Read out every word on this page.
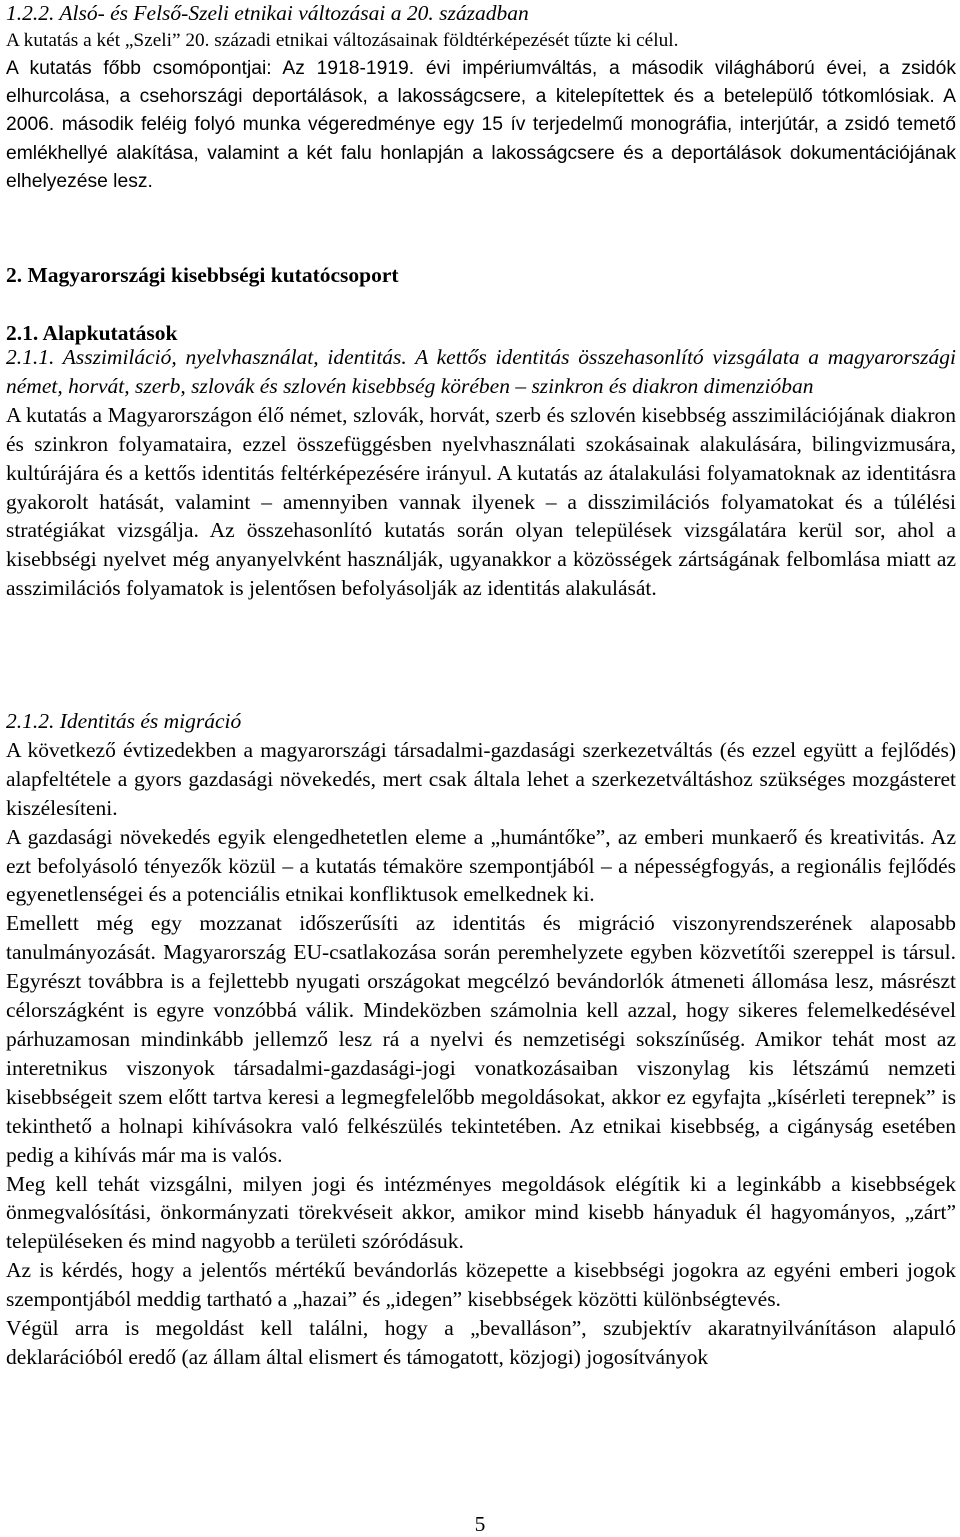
1.2.2. Alsó- és Felső-Szeli etnikai változásai a 20. században

A kutatás a két „Szeli” 20. századi etnikai változásainak földtérképezését tűzte ki célul.

A kutatás főbb csomópontjai: Az 1918-1919. évi impériumváltás, a második világháború évei, a zsidók elhurcolása, a csehországi deportálások, a lakosságcsere, a kitelepítettek és a betelepülő tótkomlósiak. A 2006. második feléig folyó munka végeredménye egy 15 ív terjedelmű monográfia, interjútár, a zsidó temető emlékhellyé alakítása, valamint a két falu honlapján a lakosságcsere és a deportálások dokumentációjának elhelyezése lesz.

2. Magyarországi kisebbségi kutatócsoport

2.1. Alapkutatások

2.1.1. Asszimiláció, nyelvhasználat, identitás. A kettős identitás összehasonlító vizsgálata a magyarországi német, horvát, szerb, szlovák és szlovén kisebbség körében – szinkron és diakron dimenzióban

A kutatás a Magyarországon élő német, szlovák, horvát, szerb és szlovén kisebbség asszimilációjának diakron és szinkron folyamataira, ezzel összefüggésben nyelvhasználati szokásainak alakulására, bilingvizmusára, kultúrájára és a kettős identitás feltérképezésére irányul. A kutatás az átalakulási folyamatoknak az identitásra gyakorolt hatását, valamint – amennyiben vannak ilyenek – a disszimilációs folyamatokat és a túlélési stratégiákat vizsgálja. Az összehasonlító kutatás során olyan települések vizsgálatára kerül sor, ahol a kisebbségi nyelvet még anyanyelvként használják, ugyanakkor a közösségek zártságának felbomlása miatt az asszimilációs folyamatok is jelentősen befolyásolják az identitás alakulását.

2.1.2. Identitás és migráció

A következő évtizedekben a magyarországi társadalmi-gazdasági szerkezetváltás (és ezzel együtt a fejlődés) alapfeltétele a gyors gazdasági növekedés, mert csak általa lehet a szerkezetváltáshoz szükséges mozgásteret kiszélesíteni.

A gazdasági növekedés egyik elengedhetetlen eleme a „humántőke”, az emberi munkaerő és kreativitás. Az ezt befolyásoló tényezők közül – a kutatás témaköre szempontjából – a népességfogyás, a regionális fejlődés egyenetlenségei és a potenciális etnikai konfliktusok emelkednek ki.

Emellett még egy mozzanat időszerűsíti az identitás és migráció viszonyrendszerének alaposabb tanulmányozását. Magyarország EU-csatlakozása során peremhelyzete egyben közvetítői szereppel is társul. Egyrészt továbbra is a fejlettebb nyugati országokat megcélzó bevándorlók átmeneti állomása lesz, másrészt célországként is egyre vonzóbbá válik. Mindeközben számolnia kell azzal, hogy sikeres felemelkedésével párhuzamosan mindinkább jellemző lesz rá a nyelvi és nemzetiségi sokszínűség. Amikor tehát most az interetnikus viszonyok társadalmi-gazdasági-jogi vonatkozásaiban viszonylag kis létszámú nemzeti kisebbségeit szem előtt tartva keresi a legmegfelelőbb megoldásokat, akkor ez egyfajta „kísérleti terepnek” is tekinthető a holnapi kihívásokra való felkészülés tekintetében. Az etnikai kisebbség, a cigányság esetében pedig a kihívás már ma is valós.

Meg kell tehát vizsgálni, milyen jogi és intézményes megoldások elégítik ki a leginkább a kisebbségek önmegvalósítási, önkormányzati törekvéseit akkor, amikor mind kisebb hányaduk él hagyományos, „zárt” településeken és mind nagyobb a területi szóródásuk.

Az is kérdés, hogy a jelentős mértékű bevándorlás közepette a kisebbségi jogokra az egyéni emberi jogok szempontjából meddig tartható a „hazai” és „idegen” kisebbségek közötti különbségtevés.

Végül arra is megoldást kell találni, hogy a „bevalláson”, szubjektív akaratnyilvánításon alapuló deklarációból eredő (az állam által elismert és támogatott, közjogi) jogosítványok

5
